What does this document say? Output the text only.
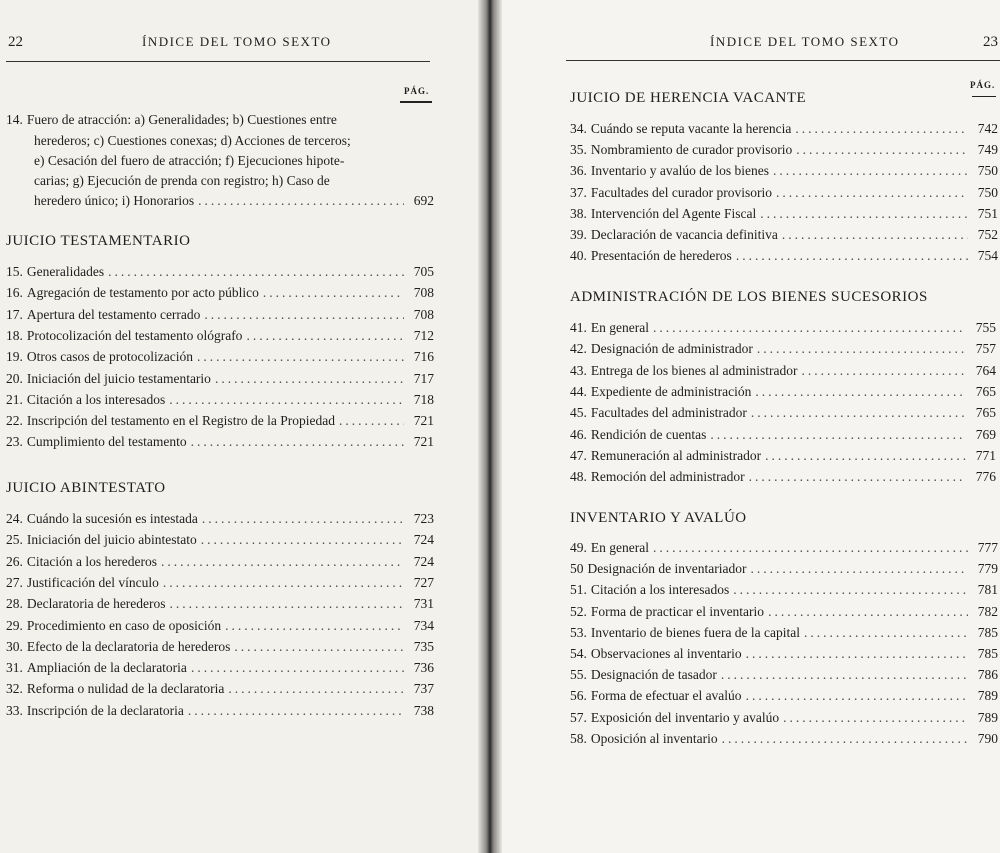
22	ÍNDICE DEL TOMO SEXTO
PÁG.
14. Fuero de atracción: a) Generalidades; b) Cuestiones entre
herederos; c) Cuestiones conexas; d) Acciones de terceros;
e) Cesación del fuero de atracción; f) Ejecuciones hipote-
carias; g) Ejecución de prenda con registro; h) Caso de
heredero único; i) Honorarios .....	692
JUICIO TESTAMENTARIO
15. Generalidades .....	705
16. Agregación de testamento por acto público .....	708
17. Apertura del testamento cerrado .....	708
18. Protocolización del testamento ológrafo .....	712
19. Otros casos de protocolización .....	716
20. Iniciación del juicio testamentario .....	717
21. Citación a los interesados .....	718
22. Inscripción del testamento en el Registro de la Propiedad .....	721
23. Cumplimiento del testamento .....	721
JUICIO ABINTESTATO
24. Cuándo la sucesión es intestada .....	723
25. Iniciación del juicio abintestato .....	724
26. Citación a los herederos .....	724
27. Justificación del vínculo .....	727
28. Declaratoria de herederos .....	731
29. Procedimiento en caso de oposición .....	734
30. Efecto de la declaratoria de herederos .....	735
31. Ampliación de la declaratoria .....	736
32. Reforma o nulidad de la declaratoria .....	737
33. Inscripción de la declaratoria .....	738
ÍNDICE DEL TOMO SEXTO	23
PÁG.
JUICIO DE HERENCIA VACANTE
34. Cuándo se reputa vacante la herencia .....	742
35. Nombramiento de curador provisorio .....	749
36. Inventario y avalúo de los bienes .....	750
37. Facultades del curador provisorio .....	750
38. Intervención del Agente Fiscal .....	751
39. Declaración de vacancia definitiva .....	752
40. Presentación de herederos .....	754
ADMINISTRACIÓN DE LOS BIENES SUCESORIOS
41. En general .....	755
42. Designación de administrador .....	757
43. Entrega de los bienes al administrador .....	764
44. Expediente de administración .....	765
45. Facultades del administrador .....	765
46. Rendición de cuentas .....	769
47. Remuneración al administrador .....	771
48. Remoción del administrador .....	776
INVENTARIO Y AVALÚO
49. En general .....	777
50 Designación de inventariador .....	779
51. Citación a los interesados .....	781
52. Forma de practicar el inventario .....	782
53. Inventario de bienes fuera de la capital .....	785
54. Observaciones al inventario .....	785
55. Designación de tasador .....	786
56. Forma de efectuar el avalúo .....	789
57. Exposición del inventario y avalúo .....	789
58. Oposición al inventario .....	790
